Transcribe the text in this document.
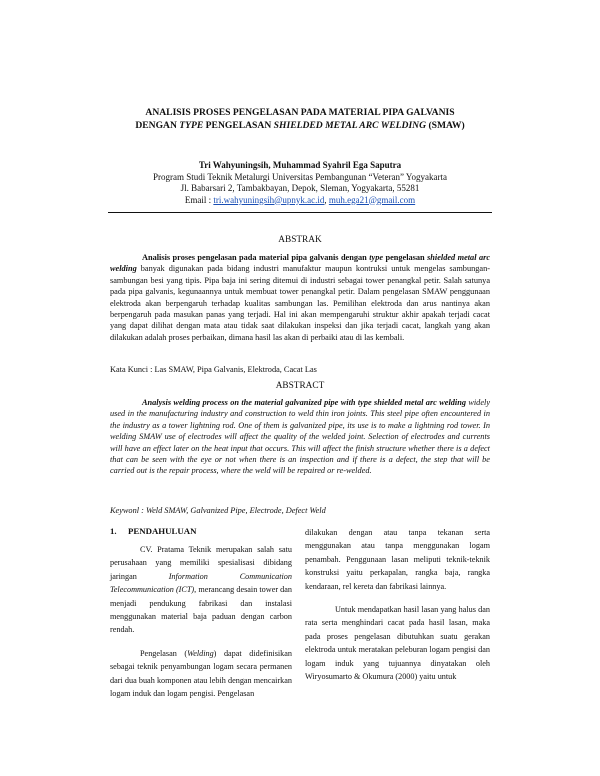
ANALISIS PROSES PENGELASAN PADA MATERIAL PIPA GALVANIS
DENGAN TYPE PENGELASAN SHIELDED METAL ARC WELDING (SMAW)
Tri Wahyuningsih, Muhammad Syahril Ega Saputra
Program Studi Teknik Metalurgi Universitas Pembangunan “Veteran” Yogyakarta
Jl. Babarsari 2, Tambakbayan, Depok, Sleman, Yogyakarta, 55281
Email : tri.wahyuningsih@upnyk.ac.id, muh.ega21@gmail.com
ABSTRAK

Analisis proses pengelasan pada material pipa galvanis dengan type pengelasan shielded metal arc welding banyak digunakan pada bidang industri manufaktur maupun kontruksi untuk mengelas sambungan-sambungan besi yang tipis. Pipa baja ini sering ditemui di industri sebagai tower penangkal petir. Salah satunya pada pipa galvanis, kegunaannya untuk membuat tower penangkal petir. Dalam pengelasan SMAW penggunaan elektroda akan berpengaruh terhadap kualitas sambungan las. Pemilihan elektroda dan arus nantinya akan berpengaruh pada masukan panas yang terjadi. Hal ini akan mempengaruhi struktur akhir apakah terjadi cacat yang dapat dilihat dengan mata atau tidak saat dilakukan inspeksi dan jika terjadi cacat, langkah yang akan dilakukan adalah proses perbaikan, dimana hasil las akan di perbaiki atau di las kembali.

Kata Kunci : Las SMAW, Pipa Galvanis, Elektroda, Cacat Las

ABSTRACT

Analysis welding process on the material galvanized pipe with type shielded metal arc welding widely used in the manufacturing industry and construction to weld thin iron joints. This steel pipe often encountered in the industry as a tower lightning rod. One of them is galvanized pipe, its use is to make a lightning rod tower. In welding SMAW use of electrodes will affect the quality of the welded joint. Selection of electrodes and currents will have an effect later on the heat input that occurs. This will affect the finish structure whether there is a defect that can be seen with the eye or not when there is an inspection and if there is a defect, the step that will be carried out is the repair process, where the weld will be repaired or re-welded.

Keywonl : Weld SMAW, Galvanized Pipe, Electrode, Defect Weld

1. PENDAHULUAN

CV. Pratama Teknik merupakan salah satu perusahaan yang memiliki spesialisasi dibidang jaringan Information Communication Telecommunication (ICT), merancang desain tower dan menjadi pendukung fabrikasi dan instalasi menggunakan material baja paduan dengan carbon rendah.

Pengelasan (Welding) dapat didefinisikan sebagai teknik penyambungan logam secara permanen dari dua buah komponen atau lebih dengan mencairkan logam induk dan logam pengisi. Pengelasan

dilakukan dengan atau tanpa tekanan serta menggunakan atau tanpa menggunakan logam penambah. Penggunaan lasan meliputi teknik-teknik konstruksi yaitu perkapalan, rangka baja, rangka kendaraan, rel kereta dan fabrikasi lainnya.

Untuk mendapatkan hasil lasan yang halus dan rata serta menghindari cacat pada hasil lasan, maka pada proses pengelasan dibutuhkan suatu gerakan elektroda untuk meratakan peleburan logam pengisi dan logam induk yang tujuannya dinyatakan oleh Wiryosumarto & Okumura (2000) yaitu untuk
